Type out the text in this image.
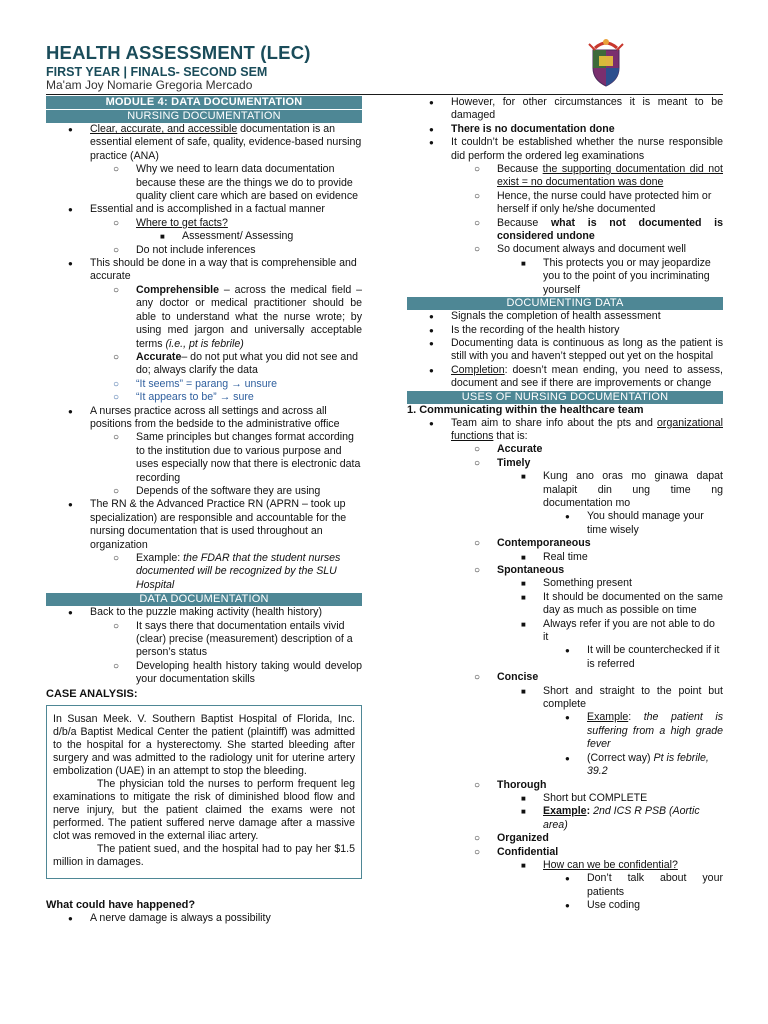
HEALTH ASSESSMENT (LEC)
FIRST YEAR | FINALS- SECOND SEM
Ma'am Joy Nomarie Gregoria Mercado
MODULE 4: DATA DOCUMENTATION
NURSING DOCUMENTATION
● Clear, accurate, and accessible documentation is an essential element of safe, quality, evidence-based nursing practice (ANA)
○ Why we need to learn data documentation because these are the things we do to provide quality client care which are based on evidence
● Essential and is accomplished in a factual manner
○ Where to get facts?
■ Assessment/ Assessing
○ Do not include inferences
● This should be done in a way that is comprehensible and accurate
○ Comprehensible – across the medical field – any doctor or medical practitioner should be able to understand what the nurse wrote; by using med jargon and universally acceptable terms (i.e., pt is febrile)
○ Accurate– do not put what you did not see and do; always clarify the data
○ “It seems” = parang → unsure
○ “It appears to be” → sure
● A nurses practice across all settings and across all positions from the bedside to the administrative office
○ Same principles but changes format according to the institution due to various purpose and uses especially now that there is electronic data recording
○ Depends of the software they are using
● The RN & the Advanced Practice RN (APRN – took up specialization) are responsible and accountable for the nursing documentation that is used throughout an organization
○ Example: the FDAR that the student nurses documented will be recognized by the SLU Hospital
DATA DOCUMENTATION
● Back to the puzzle making activity (health history)
○ It says there that documentation entails vivid (clear) precise (measurement) description of a person’s status
○ Developing health history taking would develop your documentation skills
CASE ANALYSIS:

In Susan Meek. V. Southern Baptist Hospital of Florida, Inc. d/b/a Baptist Medical Center the patient (plaintiff) was admitted to the hospital for a hysterectomy. She started bleeding after surgery and was admitted to the radiology unit for uterine artery embolization (UAE) in an attempt to stop the bleeding.

The physician told the nurses to perform frequent leg examinations to mitigate the risk of diminished blood flow and nerve injury, but the patient claimed the exams were not performed. The patient suffered nerve damage after a massive clot was removed in the external iliac artery.

The patient sued, and the hospital had to pay her $1.5 million in damages.

What could have happened?
● A nerve damage is always a possibility
● However, for other circumstances it is meant to be damaged
● There is no documentation done
● It couldn’t be established whether the nurse responsible did perform the ordered leg examinations
○ Because the supporting documentation did not exist = no documentation was done
○ Hence, the nurse could have protected him or herself if only he/she documented
○ Because what is not documented is considered undone
○ So document always and document well
■ This protects you or may jeopardize you to the point of you incriminating yourself
DOCUMENTING DATA
● Signals the completion of health assessment
● Is the recording of the health history
● Documenting data is continuous as long as the patient is still with you and haven’t stepped out yet on the hospital
● Completion: doesn’t mean ending, you need to assess, document and see if there are improvements or change
USES OF NURSING DOCUMENTATION
1. Communicating within the healthcare team
● Team aim to share info about the pts and organizational functions that is:
○ Accurate
○ Timely
■ Kung ano oras mo ginawa dapat malapit din ung time ng documentation mo
● You should manage your time wisely
○ Contemporaneous
■ Real time
○ Spontaneous
■ Something present
■ It should be documented on the same day as much as possible on time
■ Always refer if you are not able to do it
● It will be counterchecked if it is referred
○ Concise
■ Short and straight to the point but complete
● Example: the patient is suffering from a high grade fever
● (Correct way) Pt is febrile, 39.2
○ Thorough
■ Short but COMPLETE
■ Example: 2nd ICS R PSB (Aortic area)
○ Organized
○ Confidential
■ How can we be confidential?
● Don’t talk about your patients
● Use coding
